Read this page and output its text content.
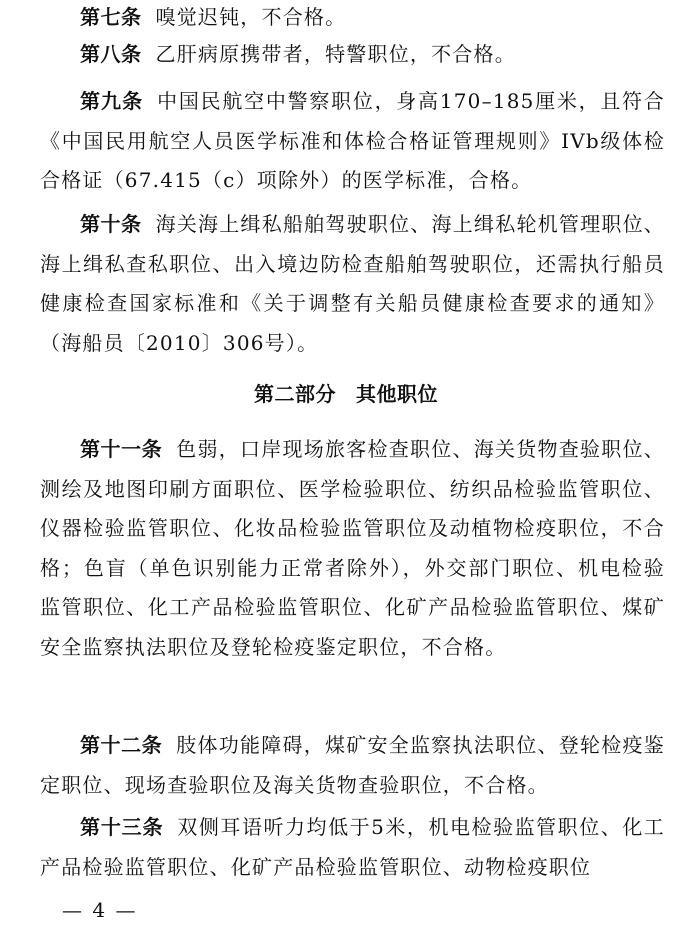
第七条 嗅觉迟钝，不合格。

第八条 乙肝病原携带者，特警职位，不合格。

第九条 中国民航空中警察职位，身高170–185厘米，且符合《中国民用航空人员医学标准和体检合格证管理规则》IVb级体检合格证（67.415（c）项除外）的医学标准，合格。

第十条 海关海上缉私船舶驾驶职位、海上缉私轮机管理职位、海上缉私查私职位、出入境边防检查船舶驾驶职位，还需执行船员健康检查国家标准和《关于调整有关船员健康检查要求的通知》（海船员〔2010〕306号）。

第二部分 其他职位

第十一条 色弱，口岸现场旅客检查职位、海关货物查验职位、测绘及地图印刷方面职位、医学检验职位、纺织品检验监管职位、仪器检验监管职位、化妆品检验监管职位及动植物检疫职位，不合格；色盲（单色识别能力正常者除外），外交部门职位、机电检验监管职位、化工产品检验监管职位、化矿产品检验监管职位、煤矿安全监察执法职位及登轮检疫鉴定职位，不合格。

第十二条 肢体功能障碍，煤矿安全监察执法职位、登轮检疫鉴定职位、现场查验职位及海关货物查验职位，不合格。

第十三条 双侧耳语听力均低于5米，机电检验监管职位、化工产品检验监管职位、化矿产品检验监管职位、动物检疫职位

— 4 —
